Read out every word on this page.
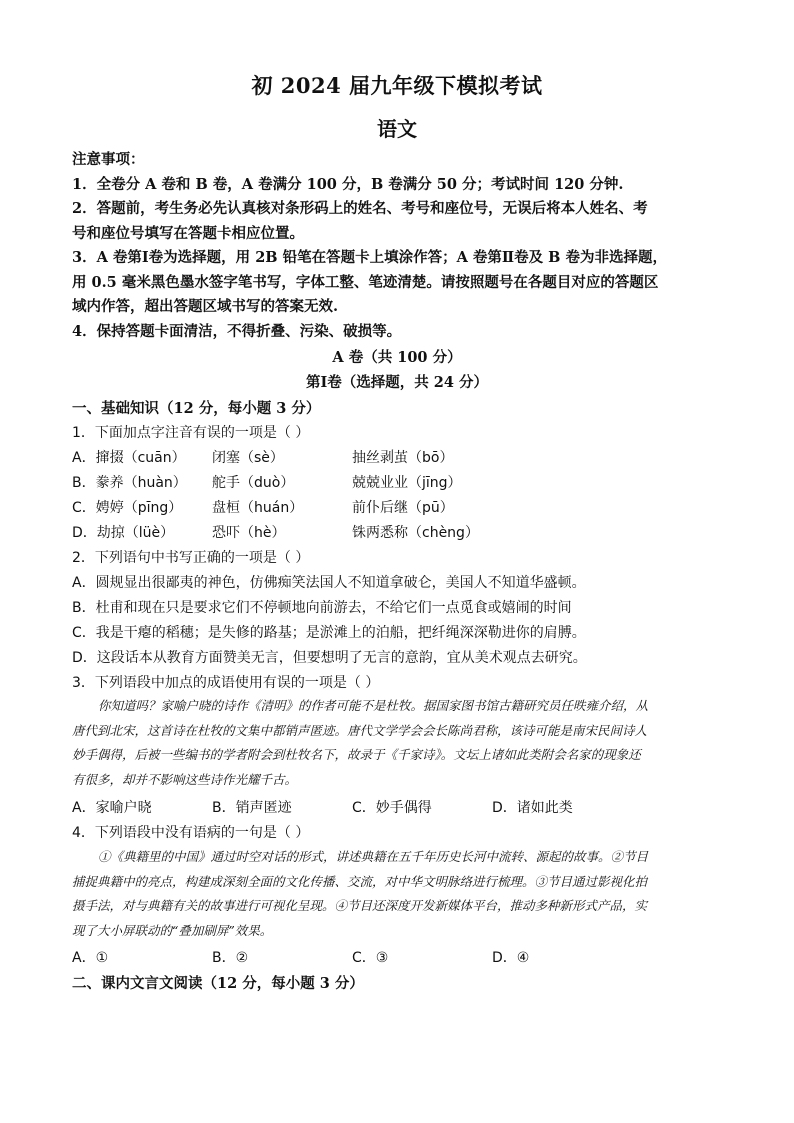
初 2024 届九年级下模拟考试
语文
注意事项：
1．全卷分 A 卷和 B 卷，A 卷满分 100 分，B 卷满分 50 分；考试时间 120 分钟.
2．答题前，考生务必先认真核对条形码上的姓名、考号和座位号，无误后将本人姓名、考
号和座位号填写在答题卡相应位置。
3．A 卷第Ⅰ卷为选择题，用 2B 铅笔在答题卡上填涂作答；A 卷第Ⅱ卷及 B 卷为非选择题，
用 0.5 毫米黑色墨水签字笔书写，字体工整、笔迹清楚。请按照题号在各题目对应的答题区
域内作答，超出答题区域书写的答案无效.
4．保持答题卡面清洁，不得折叠、污染、破损等。
A 卷（共 100 分）
第Ⅰ卷（选择题，共 24 分）
一、基础知识（12 分，每小题 3 分）
1．下面加点字注音有误的一项是（ ）
A．撺掇（cuān） 闭塞（sè）	抽丝剥茧（bō）
B．豢养（huàn） 舵手（duò）	兢兢业业（jīng）
C．娉婷（pīng） 盘桓（huán）	前仆后继（pū）
D．劫掠（lüè）	恐吓（hè）	铢两悉称（chèng）
2．下列语句中书写正确的一项是（ ）
A．圆规显出很鄙夷的神色，仿佛痴笑法国人不知道拿破仑，美国人不知道华盛顿。
B．杜甫和现在只是要求它们不停顿地向前游去，不给它们一点觅食或嬉闹的时间
C．我是干瘪的稻穗；是失修的路基；是淤滩上的泊船，把纤绳深深勒进你的肩膊。
D．这段话本从教育方面赞美无言，但要想明了无言的意韵，宜从美术观点去研究。
3．下列语段中加点的成语使用有误的一项是（ ）
你知道吗？家喻户晓的诗作《清明》的作者可能不是杜牧。据国家图书馆古籍研究员任昳雍介绍，从
唐代到北宋，这首诗在杜牧的文集中都销声匿迹。唐代文学学会会长陈尚君称，该诗可能是南宋民间诗人
妙手偶得，后被一些编书的学者附会到杜牧名下，故录于《千家诗》。文坛上诸如此类附会名家的现象还
有很多，却并不影响这些诗作光耀千古。
A．家喻户晓	B．销声匿迹	C．妙手偶得	D．诸如此类
4．下列语段中没有语病的一句是（ ）
①《典籍里的中国》通过时空对话的形式，讲述典籍在五千年历史长河中流转、源起的故事。②节目
捕捉典籍中的亮点，构建成深刻全面的文化传播、交流，对中华文明脉络进行梳理。③节目通过影视化拍
摄手法，对与典籍有关的故事进行可视化呈现。④节目还深度开发新媒体平台，推动多种新形式产品，实
现了大小屏联动的“叠加刷屏”效果。
A．①	B．②	C．③	D．④
二、课内文言文阅读（12 分，每小题 3 分）
